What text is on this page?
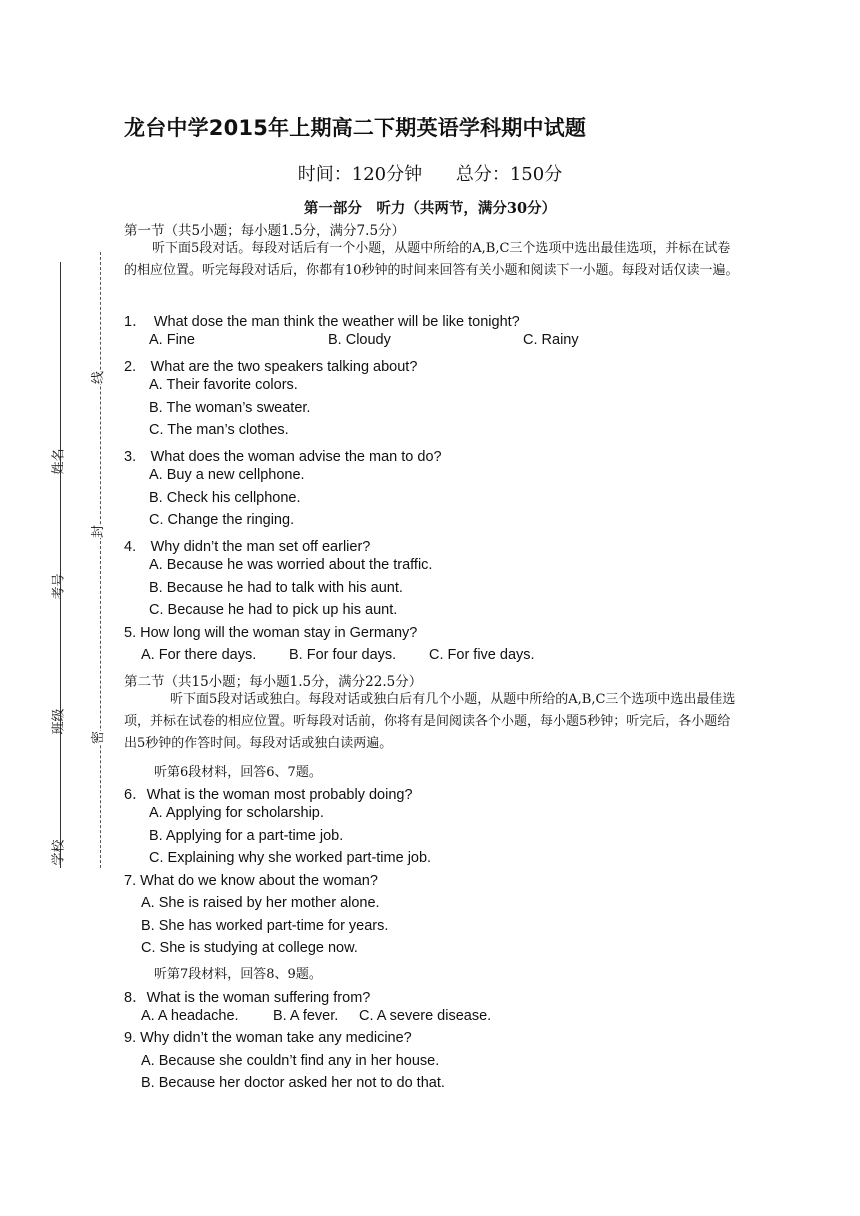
姓名
考号
班级
学校
线
封
密
龙台中学2015年上期高二下期英语学科期中试题
时间：120分钟 总分：150分
第一部分　听力（共两节，满分30分）
第一节（共5小题；每小题1.5分，满分7.5分）
听下面5段对话。每段对话后有一个小题，从题中所给的A,B,C三个选项中选出最佳选项，并标在试卷的相应位置。听完每段对话后，你都有10秒钟的时间来回答有关小题和阅读下一小题。每段对话仅读一遍。
1．　What dose the man think the weather will be like tonight?
A. Fine	B. Cloudy	C. Rainy
2.　What are the two speakers talking about?
A. Their favorite colors.
B. The woman’s sweater.
C. The man’s clothes.
3.　What does the woman advise the man to do?
A. Buy a new cellphone.
B. Check his cellphone.
C. Change the ringing.
4.　Why didn’t the man set off earlier?
A. Because he was worried about the traffic.
B. Because he had to talk with his aunt.
C. Because he had to pick up his aunt.
5. How long will the woman stay in Germany?
A. For there days. B. For four days. C. For five days.
第二节（共15小题；每小题1.5分，满分22.5分）
听下面5段对话或独白。每段对话或独白后有几个小题，从题中所给的A,B,C三个选项中选出最佳选项，并标在试卷的相应位置。听每段对话前，你将有是间阅读各个小题，每小题5秒钟；听完后，各小题给出5秒钟的作答时间。每段对话或独白读两遍。
听第6段材料，回答6、7题。
6．What is the woman most probably doing?
A. Applying for scholarship.
B. Applying for a part-time job.
C. Explaining why she worked part-time job.
7. What do we know about the woman?
A. She is raised by her mother alone.
B. She has worked part-time for years.
C. She is studying at college now.
听第7段材料，回答8、9题。
8．What is the woman suffering from?
A. A headache. B. A fever. C. A severe disease.
9. Why didn’t the woman take any medicine?
A. Because she couldn’t find any in her house.
B. Because her doctor asked her not to do that.
